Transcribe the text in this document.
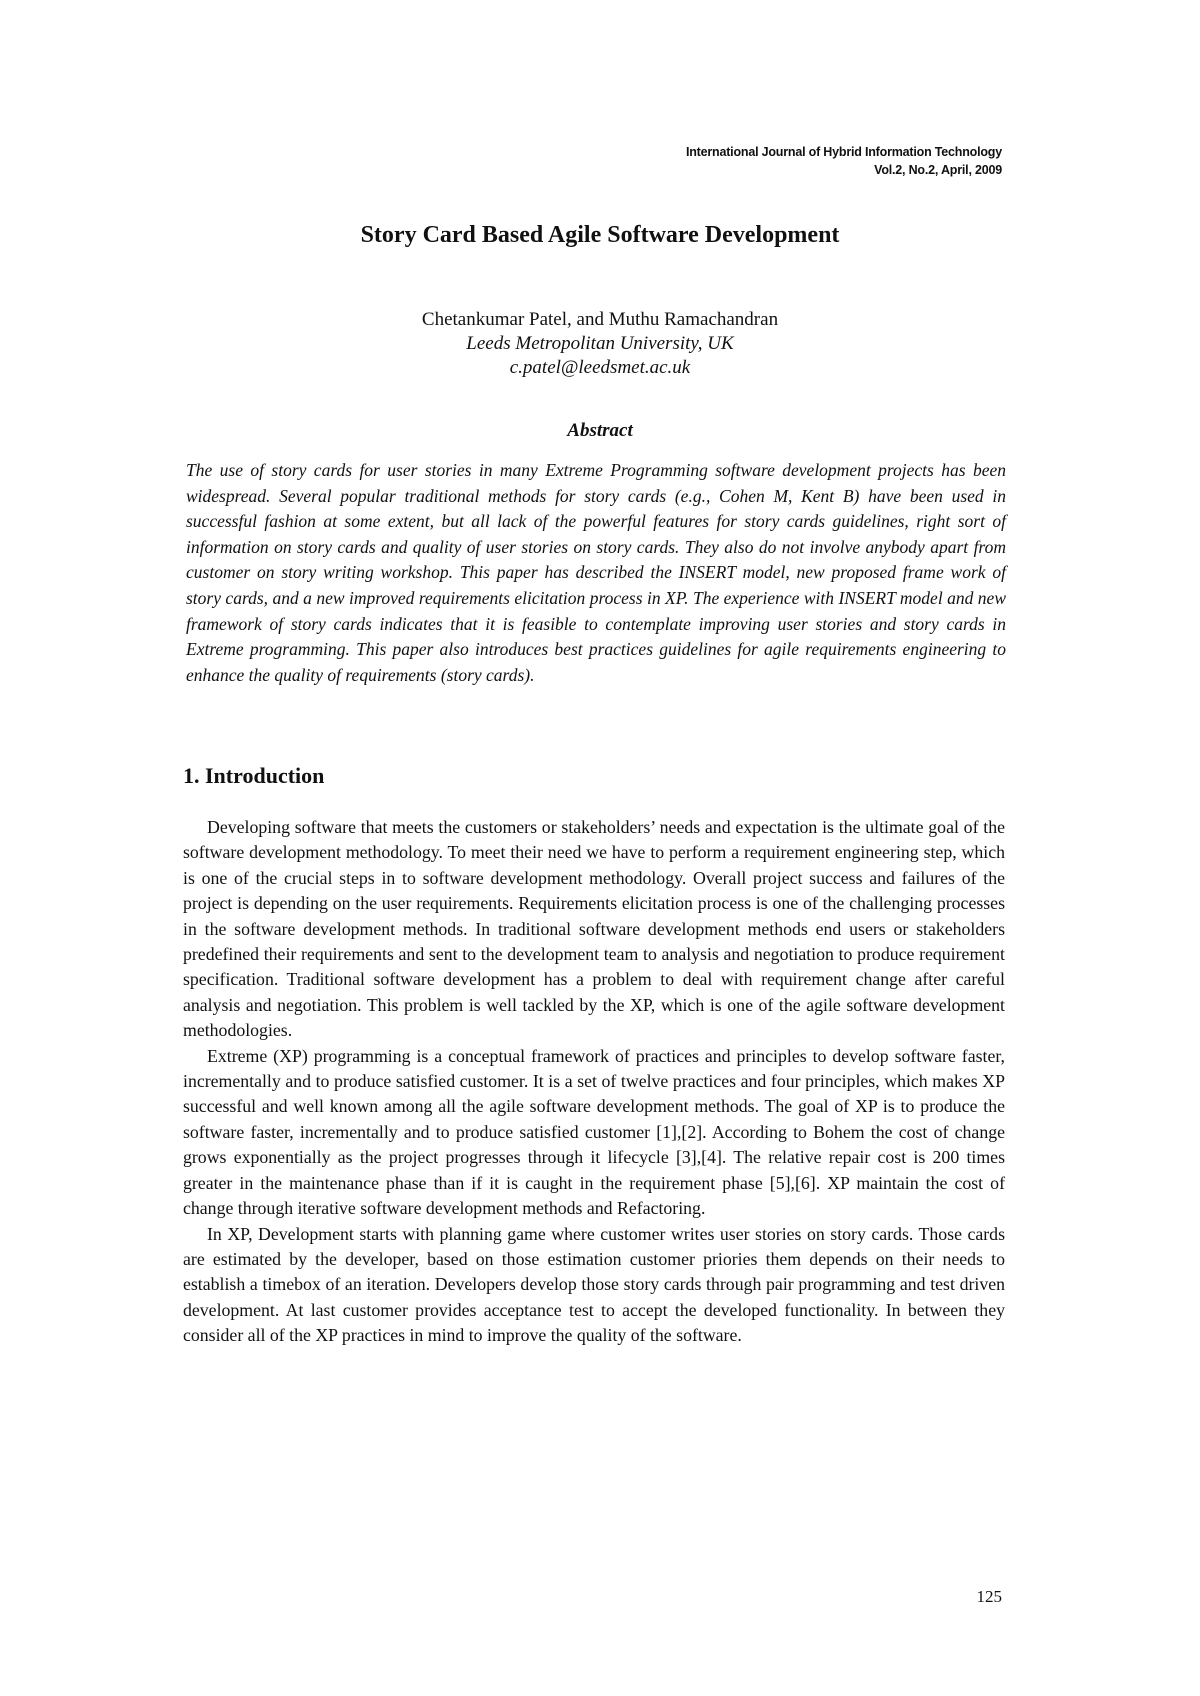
International Journal of Hybrid Information Technology
Vol.2, No.2, April, 2009
Story Card Based Agile Software Development
Chetankumar Patel, and Muthu Ramachandran
Leeds Metropolitan University, UK
c.patel@leedsmet.ac.uk
Abstract

The use of story cards for user stories in many Extreme Programming software development projects has been widespread. Several popular traditional methods for story cards (e.g., Cohen M, Kent B) have been used in successful fashion at some extent, but all lack of the powerful features for story cards guidelines, right sort of information on story cards and quality of user stories on story cards. They also do not involve anybody apart from customer on story writing workshop. This paper has described the INSERT model, new proposed frame work of story cards, and a new improved requirements elicitation process in XP. The experience with INSERT model and new framework of story cards indicates that it is feasible to contemplate improving user stories and story cards in Extreme programming. This paper also introduces best practices guidelines for agile requirements engineering to enhance the quality of requirements (story cards).

1. Introduction

Developing software that meets the customers or stakeholders’ needs and expectation is the ultimate goal of the software development methodology. To meet their need we have to perform a requirement engineering step, which is one of the crucial steps in to software development methodology. Overall project success and failures of the project is depending on the user requirements. Requirements elicitation process is one of the challenging processes in the software development methods. In traditional software development methods end users or stakeholders predefined their requirements and sent to the development team to analysis and negotiation to produce requirement specification. Traditional software development has a problem to deal with requirement change after careful analysis and negotiation. This problem is well tackled by the XP, which is one of the agile software development methodologies.

Extreme (XP) programming is a conceptual framework of practices and principles to develop software faster, incrementally and to produce satisfied customer. It is a set of twelve practices and four principles, which makes XP successful and well known among all the agile software development methods. The goal of XP is to produce the software faster, incrementally and to produce satisfied customer [1],[2]. According to Bohem the cost of change grows exponentially as the project progresses through it lifecycle [3],[4]. The relative repair cost is 200 times greater in the maintenance phase than if it is caught in the requirement phase [5],[6]. XP maintain the cost of change through iterative software development methods and Refactoring.

In XP, Development starts with planning game where customer writes user stories on story cards. Those cards are estimated by the developer, based on those estimation customer priories them depends on their needs to establish a timebox of an iteration. Developers develop those story cards through pair programming and test driven development. At last customer provides acceptance test to accept the developed functionality. In between they consider all of the XP practices in mind to improve the quality of the software.

125
